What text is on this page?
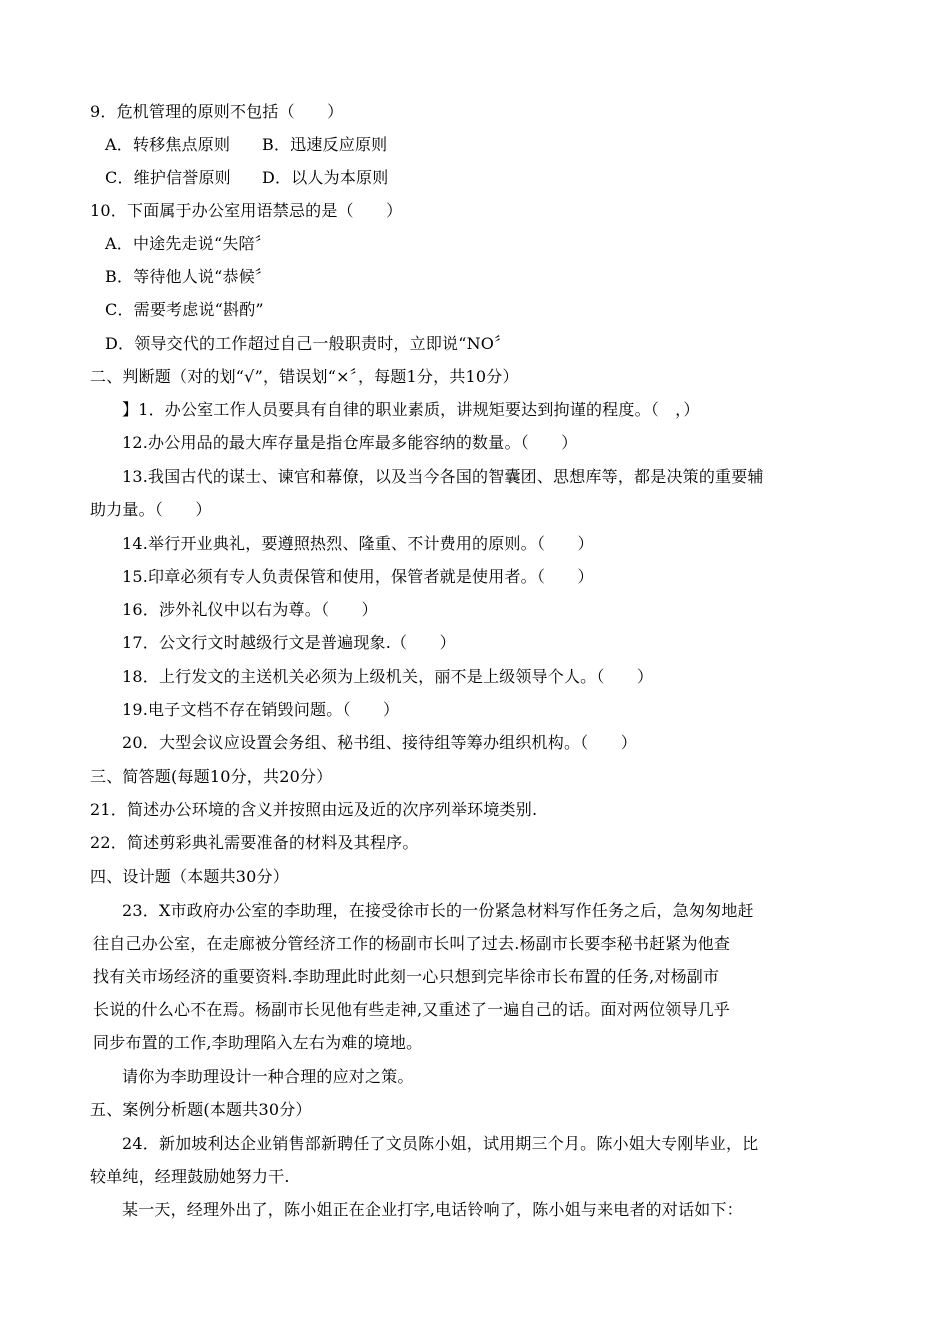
9．危机管理的原则不包括（　　）
A．转移焦点原则 B．迅速反应原则
C．维护信誉原则 D．以人为本原则
10．下面属于办公室用语禁忌的是（　　）
A．中途先走说“失陪〞
B．等待他人说“恭候〞
C．需要考虑说“斟酌”
D．领导交代的工作超过自己一般职责时，立即说“NO〞
二、判断题（对的划“√”，错误划“×〞，每题1分，共10分）
】1．办公室工作人员要具有自律的职业素质，讲规矩要达到拘谨的程度。（　，）
12.办公用品的最大库存量是指仓库最多能容纳的数量。（　　）
13.我国古代的谋士、谏官和幕僚，以及当今各国的智囊团、思想库等，都是决策的重要辅
助力量。（　　）
14.举行开业典礼，要遵照热烈、隆重、不计费用的原则。（　　）
15.印章必须有专人负责保管和使用，保管者就是使用者。（　　）
16．涉外礼仪中以右为尊。（　　）
17．公文行文时越级行文是普遍现象.（　　）
18．上行发文的主送机关必须为上级机关，丽不是上级领导个人。（　　）
19.电子文档不存在销毁问题。（　　）
20．大型会议应设置会务组、秘书组、接待组等筹办组织机构。（　　）
三、简答题(每题10分，共20分）
21．简述办公环境的含义并按照由远及近的次序列举环境类别.
22．简述剪彩典礼需要准备的材料及其程序。
四、设计题（本题共30分）
23．X市政府办公室的李助理，在接受徐市长的一份紧急材料写作任务之后，急匆匆地赶
往自己办公室，在走廊被分管经济工作的杨副市长叫了过去.杨副市长要李秘书赶紧为他查
找有关市场经济的重要资料.李助理此时此刻一心只想到完毕徐市长布置的任务,对杨副市
长说的什么心不在焉。杨副市长见他有些走神,又重述了一遍自己的话。面对两位领导几乎
同步布置的工作,李助理陷入左右为难的境地。
请你为李助理设计一种合理的应对之策。
五、案例分析题(本题共30分）
24．新加坡利达企业销售部新聘任了文员陈小姐，试用期三个月。陈小姐大专刚毕业，比
较单纯，经理鼓励她努力干.
某一天，经理外出了，陈小姐正在企业打字,电话铃响了，陈小姐与来电者的对话如下：
